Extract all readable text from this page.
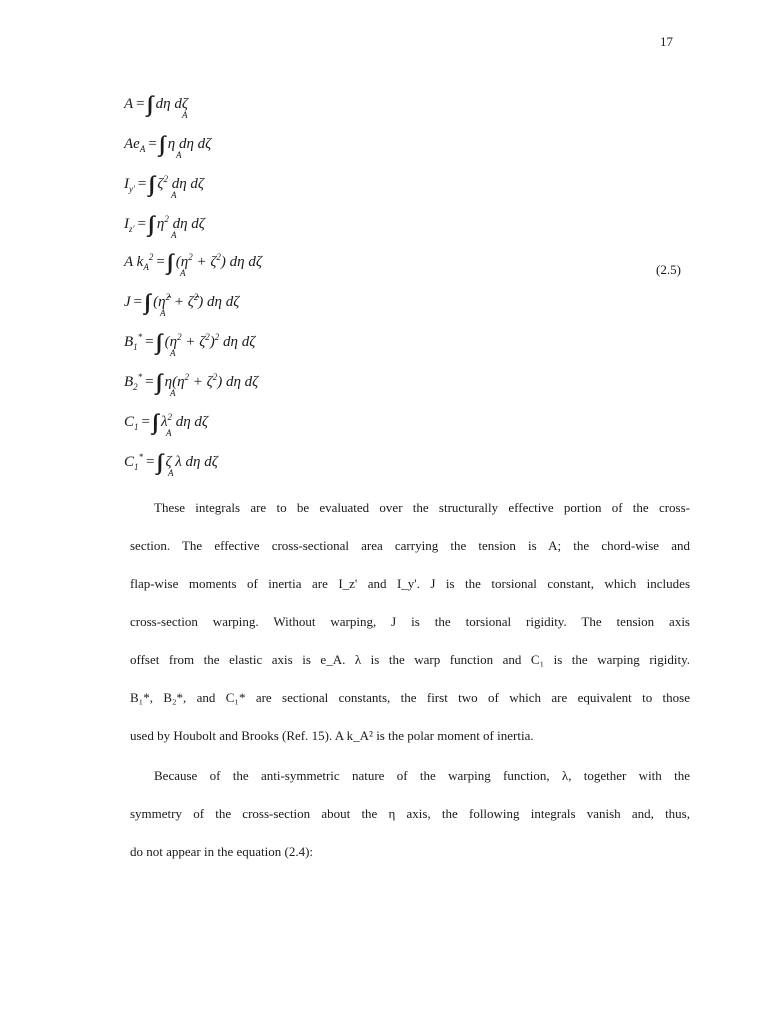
17
A = dη dζ
A
$Ae_A = \eta$ dη dζ
A
$I_{y'} = \zeta^2$ dη dζ
A
$I_{z'} = \eta^2$ dη dζ
A
A $k_A^2 = (\eta^2 + \zeta^2)$ dη dζ
A
J = (η̂$^2$ + ζ̂$^2$) dη dζ
A
$B_1^* = (\eta^2 + \zeta^2)^2$ dη dζ
A
$B_2^* = \eta(\eta^2 + \zeta^2)$ dη dζ
A
$C_1 = \lambda^2$ dη dζ
A
$C_1^* = \zeta$ λ dη dζ
A
(2.5)
These integrals are to be evaluated over the structurally effective portion of the cross-
section. The effective cross-sectional area carrying the tension is A; the chord-wise and
flap-wise moments of inertia are I_z' and I_y'. J is the torsional constant, which includes
cross-section warping. Without warping, J is the torsional rigidity. The tension axis
offset from the elastic axis is e_A. λ is the warp function and C₁ is the warping rigidity.
B₁*, B₂*, and C₁* are sectional constants, the first two of which are equivalent to those
used by Houbolt and Brooks (Ref. 15). A k_A² is the polar moment of inertia.
Because of the anti-symmetric nature of the warping function, λ, together with the
symmetry of the cross-section about the η axis, the following integrals vanish and, thus,
do not appear in the equation (2.4):
